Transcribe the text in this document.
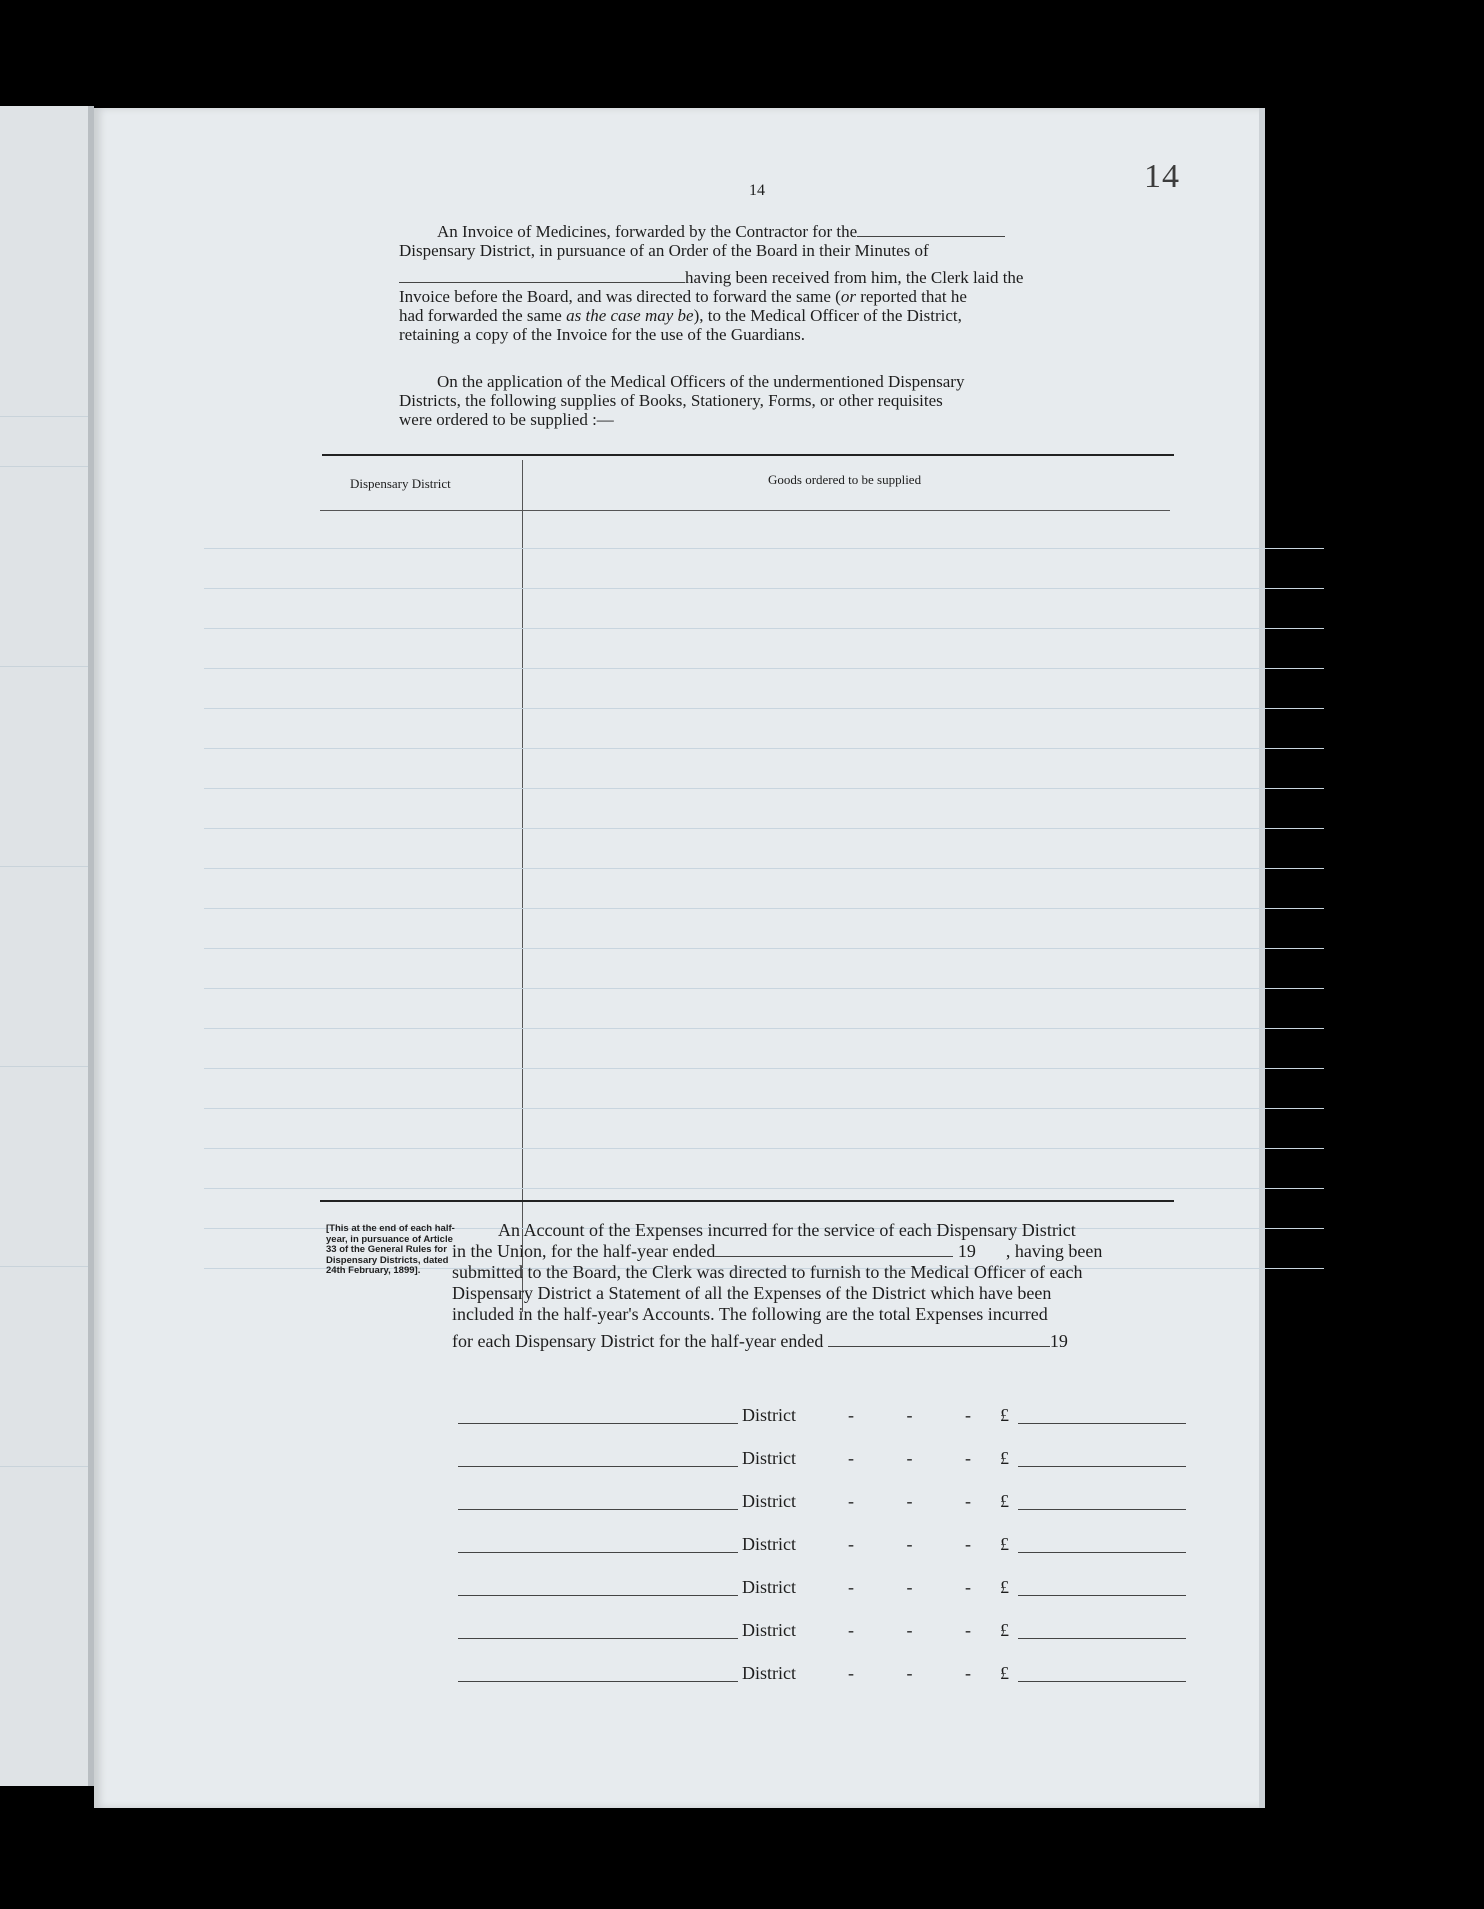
14
14
An Invoice of Medicines, forwarded by the Contractor for the
Dispensary District, in pursuance of an Order of the Board in their Minutes of
having been received from him, the Clerk laid the
Invoice before the Board, and was directed to forward the same (or reported that he
had forwarded the same as the case may be), to the Medical Officer of the District,
retaining a copy of the Invoice for the use of the Guardians.
On the application of the Medical Officers of the undermentioned Dispensary
Districts, the following supplies of Books, Stationery, Forms, or other requisites
were ordered to be supplied :—
Dispensary District	Goods ordered to be supplied
[This at the end of each half-year, in pursuance of Article 33 of the General Rules for Dispensary Districts, dated 24th February, 1899].
An Account of the Expenses incurred for the service of each Dispensary District
in the Union, for the half-year ended	19 , having been
submitted to the Board, the Clerk was directed to furnish to the Medical Officer of each
Dispensary District a Statement of all the Expenses of the District which have been
included in the half-year's Accounts. The following are the total Expenses incurred
for each Dispensary District for the half-year ended	19
District	- - - £
District	- - - £
District	- - - £
District	- - - £
District	- - - £
District	- - - £
District	- - - £
